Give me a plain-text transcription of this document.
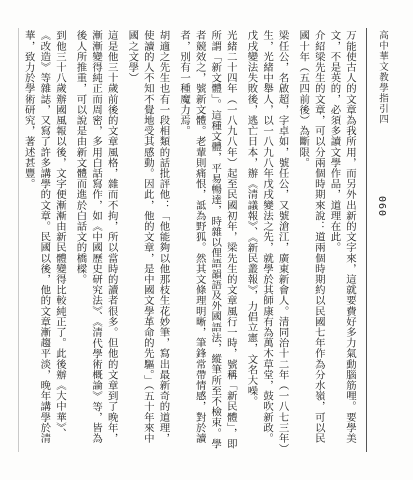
高中華文教學指引四
060

万能使古人的文章為我所用，而另外出新的文字來，這就要費好多力氣動腦筋哩。要學美文，不是英的，必須多讀文學作品，道理在此。

介紹梁先生的文章，可以分兩個時期來說：道兩個時期約以民國七年作為分水嶺，可以民國十年（五四前後）為斷限。

梁任公，名啟超，字卓如，號任公，又號滄江，廣東新會人。清同治十二年（一八七三年）生，光緒中舉人，以一八九八年戊戌變法之先，就學於其師康有為萬木草堂，鼓吹新政。戊戌變法失敗後，逃亡日本，辦《清議報》、《新民叢報》，力倡立憲，文名大噪。

光緒二十四年（一八九八年）起至民國初年，梁先生的文章風行一時，號稱「新民體」，即所謂「新文體」。這種文體，平易暢達，時雜以俚語韻語及外國語法，縱筆所至不檢束。學者競效之，號新文體。老輩則痛恨，詆為野狐。然其文條理明晰，筆鋒常帶情感，對於讀者，別有一種魔力焉。

胡適之先生也有一段相類的話批評他：「他能夠以他那枝生花妙筆，寫出最新奇的道理，使讀的人不知不覺地受其感動。因此，他的文章，是中國文學革命的先驅。」（五十年來中國之文學）

這是他三十歲前後的文章風格，雜而不拘，所以當時的讀者很多。但他的文章到了晚年，漸漸變得純正而周密，多用白話寫作，如《中國歷史研究法》、《清代學術概論》等，皆為後人所推重，可以說是由新文體而進於白話文的橋樑。

到他三十八歲辦國風報以後，文字便漸漸由新民體變得比較純正了。此後辦《大中華》、《改造》等雜誌，又寫了許多講學的文章。民國以後，他的文章漸趨平淡，晚年講學於清華，致力於學術研究，著述甚豐。
